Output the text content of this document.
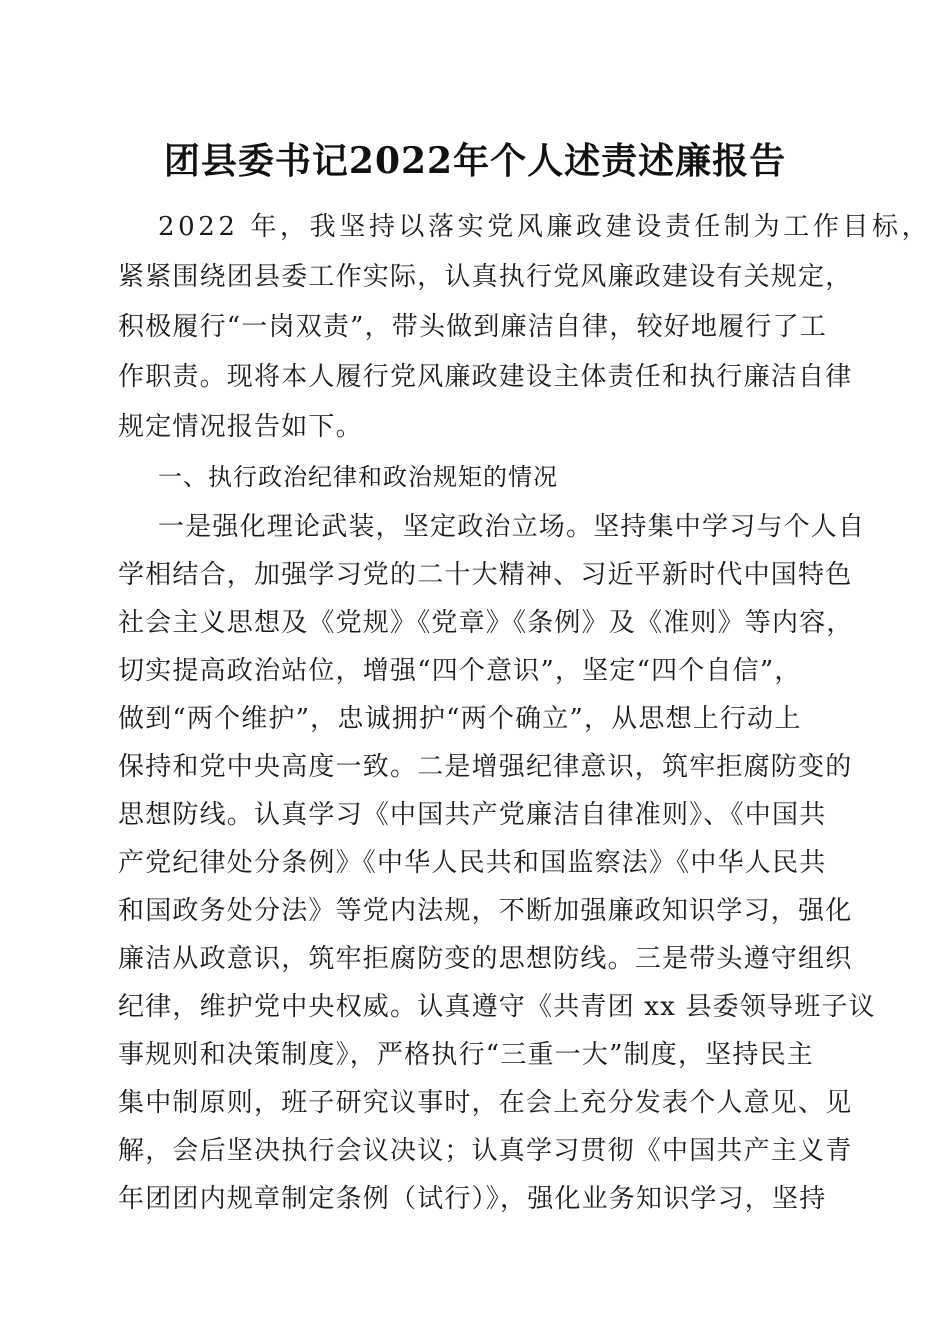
团县委书记2022年个人述责述廉报告
2022 年，我坚持以落实党风廉政建设责任制为工作目标，
紧紧围绕团县委工作实际，认真执行党风廉政建设有关规定，
积极履行“一岗双责”，带头做到廉洁自律，较好地履行了工
作职责。现将本人履行党风廉政建设主体责任和执行廉洁自律
规定情况报告如下。
一、执行政治纪律和政治规矩的情况
一是强化理论武装，坚定政治立场。坚持集中学习与个人自
学相结合，加强学习党的二十大精神、习近平新时代中国特色
社会主义思想及《党规》《党章》《条例》及《准则》等内容，
切实提高政治站位，增强“四个意识”，坚定“四个自信”，
做到“两个维护”，忠诚拥护“两个确立”，从思想上行动上
保持和党中央高度一致。二是增强纪律意识，筑牢拒腐防变的
思想防线。认真学习《中国共产党廉洁自律准则》、《中国共
产党纪律处分条例》《中华人民共和国监察法》《中华人民共
和国政务处分法》等党内法规，不断加强廉政知识学习，强化
廉洁从政意识，筑牢拒腐防变的思想防线。三是带头遵守组织
纪律，维护党中央权威。认真遵守《共青团 xx 县委领导班子议
事规则和决策制度》，严格执行“三重一大”制度，坚持民主
集中制原则，班子研究议事时，在会上充分发表个人意见、见
解，会后坚决执行会议决议；认真学习贯彻《中国共产主义青
年团团内规章制定条例（试行）》，强化业务知识学习，坚持
